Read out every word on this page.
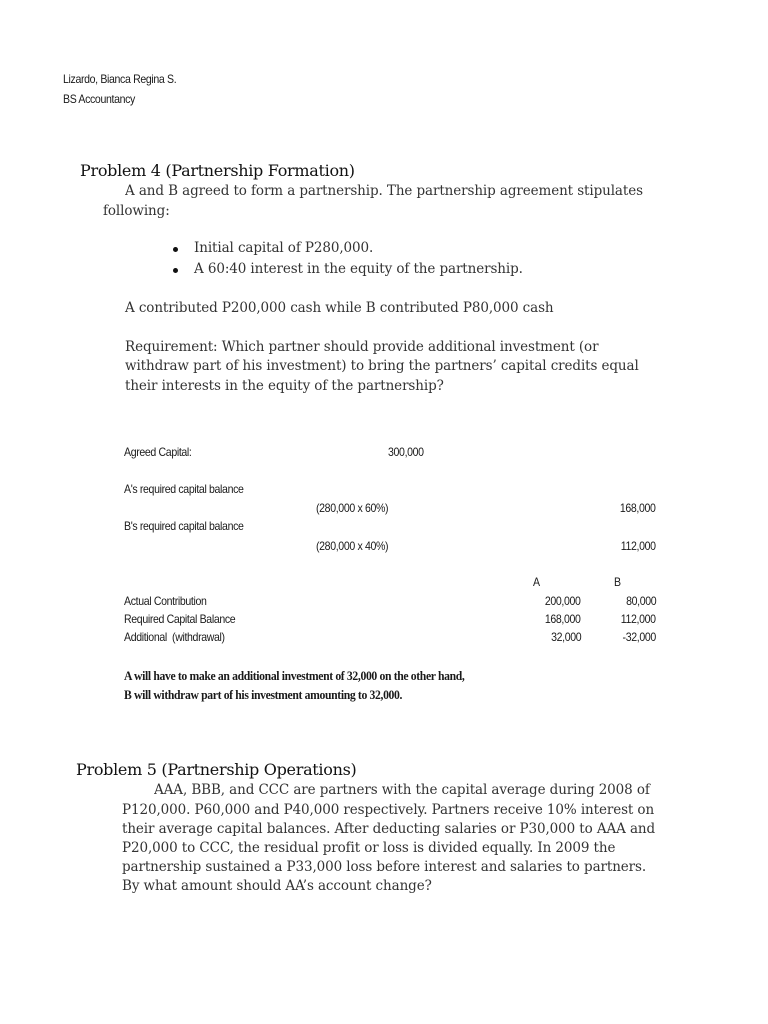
Lizardo, Bianca Regina S.
BS Accountancy
Problem 4 (Partnership Formation)
A and B agreed to form a partnership. The partnership agreement stipulates
following:
Initial capital of P280,000.
A 60:40 interest in the equity of the partnership.
A contributed P200,000 cash while B contributed P80,000 cash
Requirement: Which partner should provide additional investment (or
withdraw part of his investment) to bring the partners’ capital credits equal
their interests in the equity of the partnership?
Agreed Capital:	300,000
A's required capital balance
(280,000 x 60%)	168,000
B's required capital balance
(280,000 x 40%)	112,000
A	B
Actual Contribution	200,000	80,000
Required Capital Balance	168,000	112,000
Additional  (withdrawal)	32,000	-32,000
A will have to make an additional investment of 32,000 on the other hand,
B will withdraw part of his investment amounting to 32,000.
Problem 5 (Partnership Operations)
AAA, BBB, and CCC are partners with the capital average during 2008 of
P120,000. P60,000 and P40,000 respectively. Partners receive 10% interest on
their average capital balances. After deducting salaries or P30,000 to AAA and
P20,000 to CCC, the residual profit or loss is divided equally. In 2009 the
partnership sustained a P33,000 loss before interest and salaries to partners.
By what amount should AA’s account change?
